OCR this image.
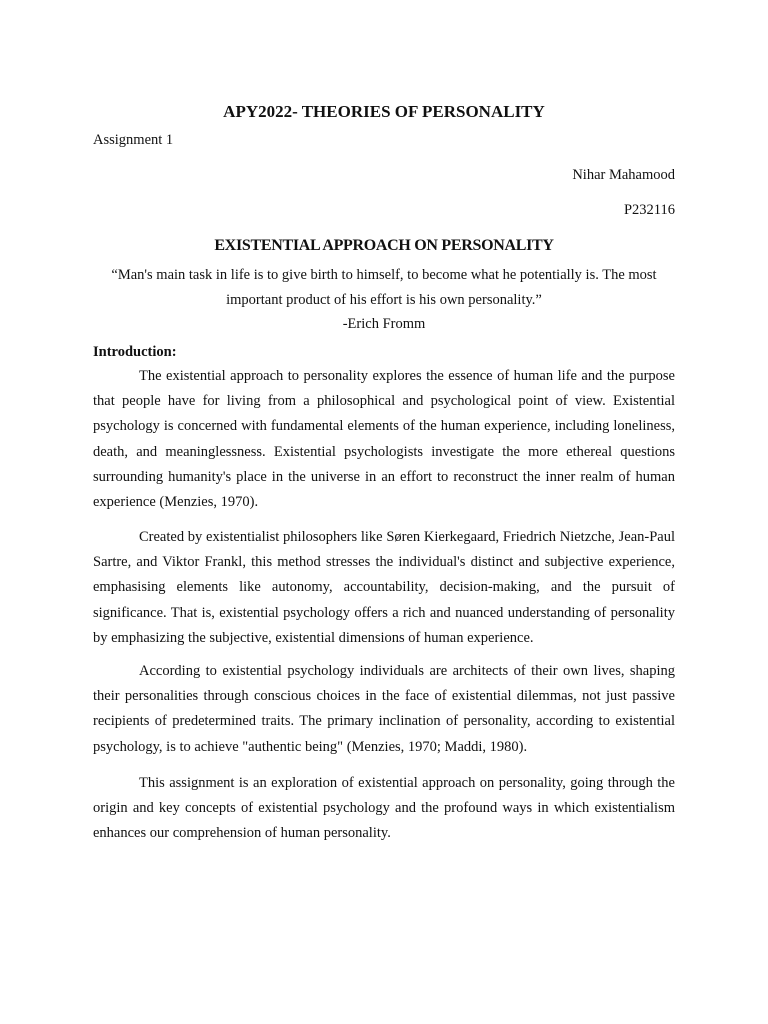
APY2022- THEORIES OF PERSONALITY
Assignment 1
Nihar Mahamood
P232116
EXISTENTIAL APPROACH ON PERSONALITY

“Man's main task in life is to give birth to himself, to become what he potentially is. The most
important product of his effort is his own personality.”

-Erich Fromm
Introduction:

The existential approach to personality explores the essence of human life and the purpose that people have for living from a philosophical and psychological point of view. Existential psychology is concerned with fundamental elements of the human experience, including loneliness, death, and meaninglessness. Existential psychologists investigate the more ethereal questions surrounding humanity's place in the universe in an effort to reconstruct the inner realm of human experience (Menzies, 1970).

Created by existentialist philosophers like Søren Kierkegaard, Friedrich Nietzche, Jean-Paul Sartre, and Viktor Frankl, this method stresses the individual's distinct and subjective experience, emphasising elements like autonomy, accountability, decision-making, and the pursuit of significance. That is, existential psychology offers a rich and nuanced understanding of personality by emphasizing the subjective, existential dimensions of human experience.

According to existential psychology individuals are architects of their own lives, shaping their personalities through conscious choices in the face of existential dilemmas, not just passive recipients of predetermined traits. The primary inclination of personality, according to existential psychology, is to achieve "authentic being" (Menzies, 1970; Maddi, 1980).

This assignment is an exploration of existential approach on personality, going through the origin and key concepts of existential psychology and the profound ways in which existentialism enhances our comprehension of human personality.
